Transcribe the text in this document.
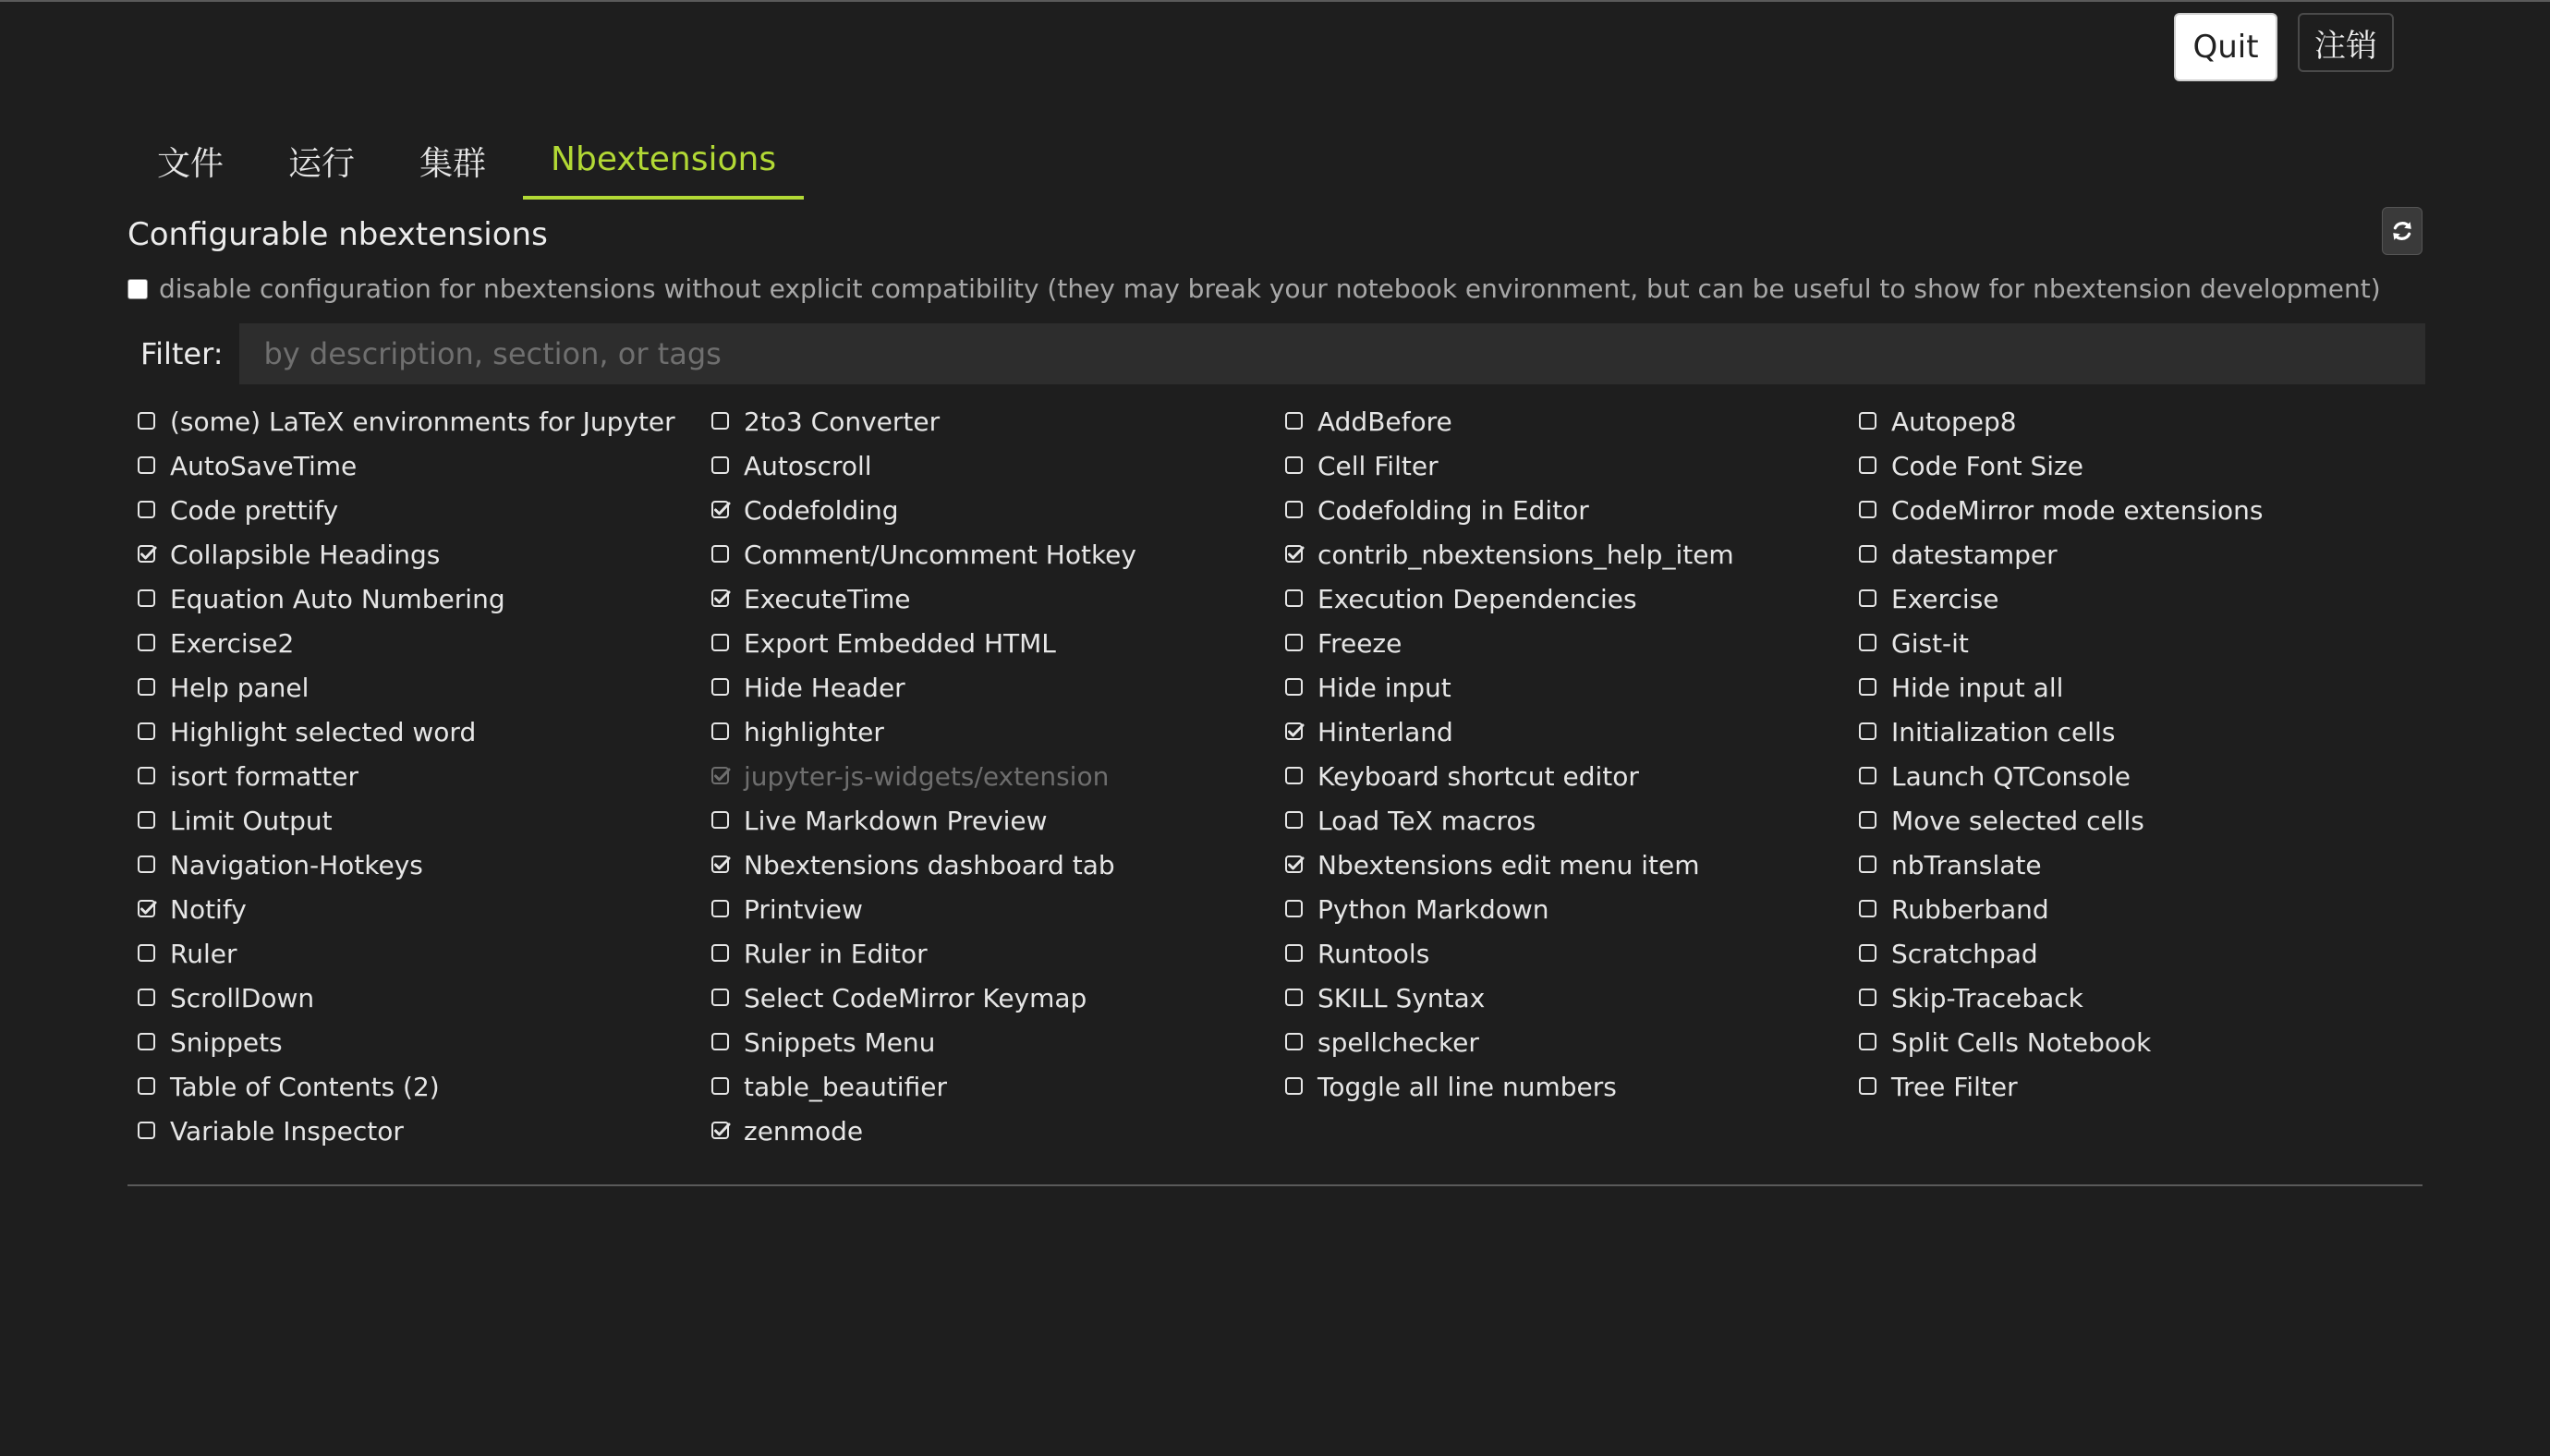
Quit	注销
文件	运行	集群	Nbextensions
Configurable nbextensions
disable configuration for nbextensions without explicit compatibility (they may break your notebook environment, but can be useful to show for nbextension development)
Filter:
by description, section, or tags
(some) LaTeX environments for Jupyter	2to3 Converter	AddBefore	Autopep8
AutoSaveTime	Autoscroll	Cell Filter	Code Font Size
Code prettify	Codefolding	Codefolding in Editor	CodeMirror mode extensions
Collapsible Headings	Comment/Uncomment Hotkey	contrib_nbextensions_help_item	datestamper
Equation Auto Numbering	ExecuteTime	Execution Dependencies	Exercise
Exercise2	Export Embedded HTML	Freeze	Gist-it
Help panel	Hide Header	Hide input	Hide input all
Highlight selected word	highlighter	Hinterland	Initialization cells
isort formatter	jupyter-js-widgets/extension	Keyboard shortcut editor	Launch QTConsole
Limit Output	Live Markdown Preview	Load TeX macros	Move selected cells
Navigation-Hotkeys	Nbextensions dashboard tab	Nbextensions edit menu item	nbTranslate
Notify	Printview	Python Markdown	Rubberband
Ruler	Ruler in Editor	Runtools	Scratchpad
ScrollDown	Select CodeMirror Keymap	SKILL Syntax	Skip-Traceback
Snippets	Snippets Menu	spellchecker	Split Cells Notebook
Table of Contents (2)	table_beautifier	Toggle all line numbers	Tree Filter
Variable Inspector	zenmode
